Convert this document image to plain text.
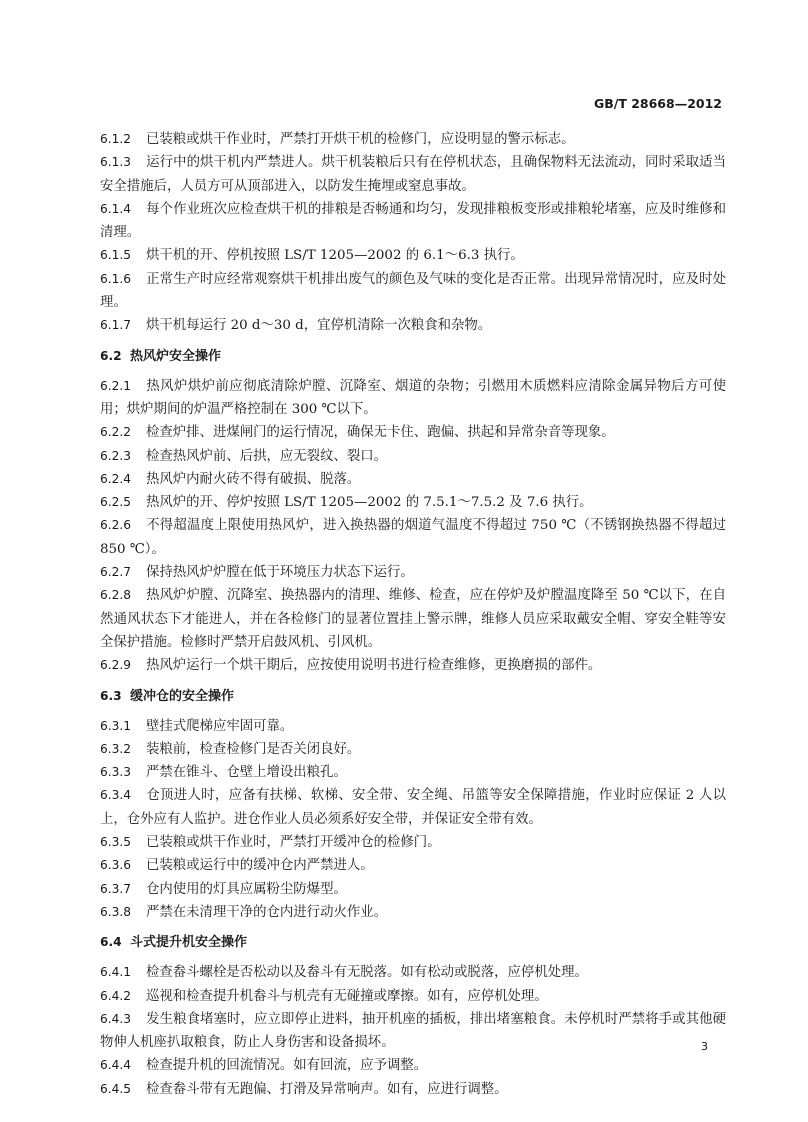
GB/T 28668—2012
6.1.2 已装粮或烘干作业时，严禁打开烘干机的检修门，应设明显的警示标志。
6.1.3 运行中的烘干机内严禁进人。烘干机装粮后只有在停机状态，且确保物料无法流动，同时采取适当安全措施后，人员方可从顶部进入，以防发生掩埋或窒息事故。
6.1.4 每个作业班次应检查烘干机的排粮是否畅通和均匀，发现排粮板变形或排粮轮堵塞，应及时维修和清理。
6.1.5 烘干机的开、停机按照 LS/T 1205—2002 的 6.1～6.3 执行。
6.1.6 正常生产时应经常观察烘干机排出废气的颜色及气味的变化是否正常。出现异常情况时，应及时处理。
6.1.7 烘干机每运行 20 d～30 d，宜停机清除一次粮食和杂物。
6.2 热风炉安全操作
6.2.1 热风炉烘炉前应彻底清除炉膛、沉降室、烟道的杂物；引燃用木质燃料应清除金属异物后方可使用；烘炉期间的炉温严格控制在 300 ℃以下。
6.2.2 检查炉排、进煤闸门的运行情况，确保无卡住、跑偏、拱起和异常杂音等现象。
6.2.3 检查热风炉前、后拱，应无裂纹、裂口。
6.2.4 热风炉内耐火砖不得有破损、脱落。
6.2.5 热风炉的开、停炉按照 LS/T 1205—2002 的 7.5.1～7.5.2 及 7.6 执行。
6.2.6 不得超温度上限使用热风炉，进入换热器的烟道气温度不得超过 750 ℃（不锈钢换热器不得超过 850 ℃）。
6.2.7 保持热风炉炉膛在低于环境压力状态下运行。
6.2.8 热风炉炉膛、沉降室、换热器内的清理、维修、检查，应在停炉及炉膛温度降至 50 ℃以下，在自然通风状态下才能进人，并在各检修门的显著位置挂上警示牌，维修人员应采取戴安全帽、穿安全鞋等安全保护措施。检修时严禁开启鼓风机、引风机。
6.2.9 热风炉运行一个烘干期后，应按使用说明书进行检查维修，更换磨损的部件。
6.3 缓冲仓的安全操作
6.3.1 壁挂式爬梯应牢固可靠。
6.3.2 装粮前，检查检修门是否关闭良好。
6.3.3 严禁在锥斗、仓壁上增设出粮孔。
6.3.4 仓顶进人时，应备有扶梯、软梯、安全带、安全绳、吊篮等安全保障措施，作业时应保证 2 人以上，仓外应有人监护。进仓作业人员必须系好安全带，并保证安全带有效。
6.3.5 已装粮或烘干作业时，严禁打开缓冲仓的检修门。
6.3.6 已装粮或运行中的缓冲仓内严禁进人。
6.3.7 仓内使用的灯具应属粉尘防爆型。
6.3.8 严禁在未清理干净的仓内进行动火作业。
6.4 斗式提升机安全操作
6.4.1 检查畚斗螺栓是否松动以及畚斗有无脱落。如有松动或脱落，应停机处理。
6.4.2 巡视和检查提升机畚斗与机壳有无碰撞或摩擦。如有，应停机处理。
6.4.3 发生粮食堵塞时，应立即停止进料，抽开机座的插板，排出堵塞粮食。未停机时严禁将手或其他硬物伸人机座扒取粮食，防止人身伤害和设备损坏。
6.4.4 检查提升机的回流情况。如有回流，应予调整。
6.4.5 检查畚斗带有无跑偏、打滑及异常响声。如有，应进行调整。
3
